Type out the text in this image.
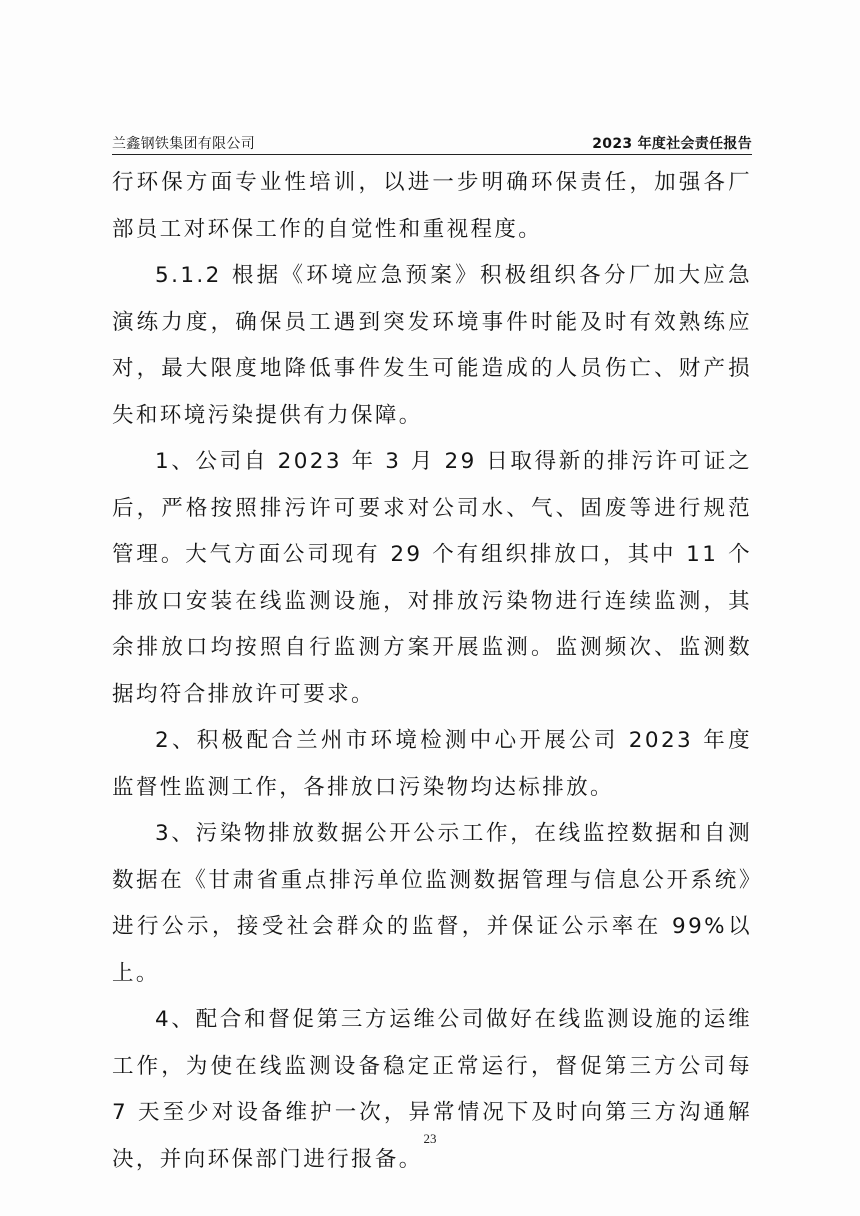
兰鑫钢铁集团有限公司	2023 年度社会责任报告

行环保方面专业性培训，以进一步明确环保责任，加强各厂部员工对环保工作的自觉性和重视程度。

5.1.2 根据《环境应急预案》积极组织各分厂加大应急演练力度，确保员工遇到突发环境事件时能及时有效熟练应对，最大限度地降低事件发生可能造成的人员伤亡、财产损失和环境污染提供有力保障。

1、公司自 2023 年 3 月 29 日取得新的排污许可证之后，严格按照排污许可要求对公司水、气、固废等进行规范管理。大气方面公司现有 29 个有组织排放口，其中 11 个排放口安装在线监测设施，对排放污染物进行连续监测，其余排放口均按照自行监测方案开展监测。监测频次、监测数据均符合排放许可要求。

2、积极配合兰州市环境检测中心开展公司 2023 年度监督性监测工作，各排放口污染物均达标排放。

3、污染物排放数据公开公示工作，在线监控数据和自测数据在《甘肃省重点排污单位监测数据管理与信息公开系统》进行公示，接受社会群众的监督，并保证公示率在 99%以上。

4、配合和督促第三方运维公司做好在线监测设施的运维工作，为使在线监测设备稳定正常运行，督促第三方公司每 7 天至少对设备维护一次，异常情况下及时向第三方沟通解决，并向环保部门进行报备。

23
